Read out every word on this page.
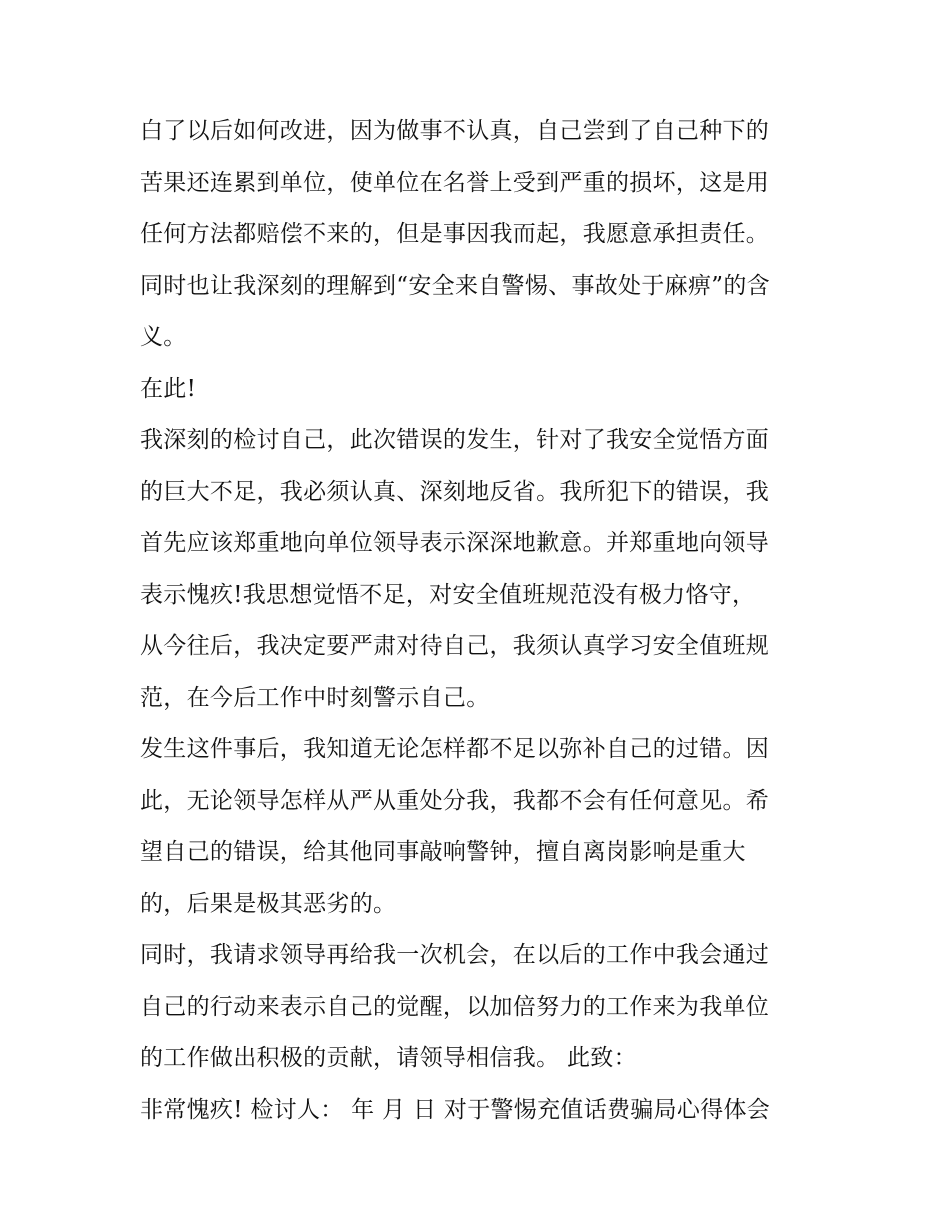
白了以后如何改进，因为做事不认真，自己尝到了自己种下的
苦果还连累到单位，使单位在名誉上受到严重的损坏，这是用
任何方法都赔偿不来的，但是事因我而起，我愿意承担责任。
同时也让我深刻的理解到“安全来自警惕、事故处于麻痹”的含
义。
在此!
我深刻的检讨自己，此次错误的发生，针对了我安全觉悟方面
的巨大不足，我必须认真、深刻地反省。我所犯下的错误，我
首先应该郑重地向单位领导表示深深地歉意。并郑重地向领导
表示愧疚!我思想觉悟不足，对安全值班规范没有极力恪守，
从今往后，我决定要严肃对待自己，我须认真学习安全值班规
范，在今后工作中时刻警示自己。
发生这件事后，我知道无论怎样都不足以弥补自己的过错。因
此，无论领导怎样从严从重处分我，我都不会有任何意见。希
望自己的错误，给其他同事敲响警钟，擅自离岗影响是重大
的，后果是极其恶劣的。
同时，我请求领导再给我一次机会，在以后的工作中我会通过
自己的行动来表示自己的觉醒，以加倍努力的工作来为我单位
的工作做出积极的贡献，请领导相信我。 此致：
非常愧疚! 检讨人： 年 月 日 对于警惕充值话费骗局心得体会
